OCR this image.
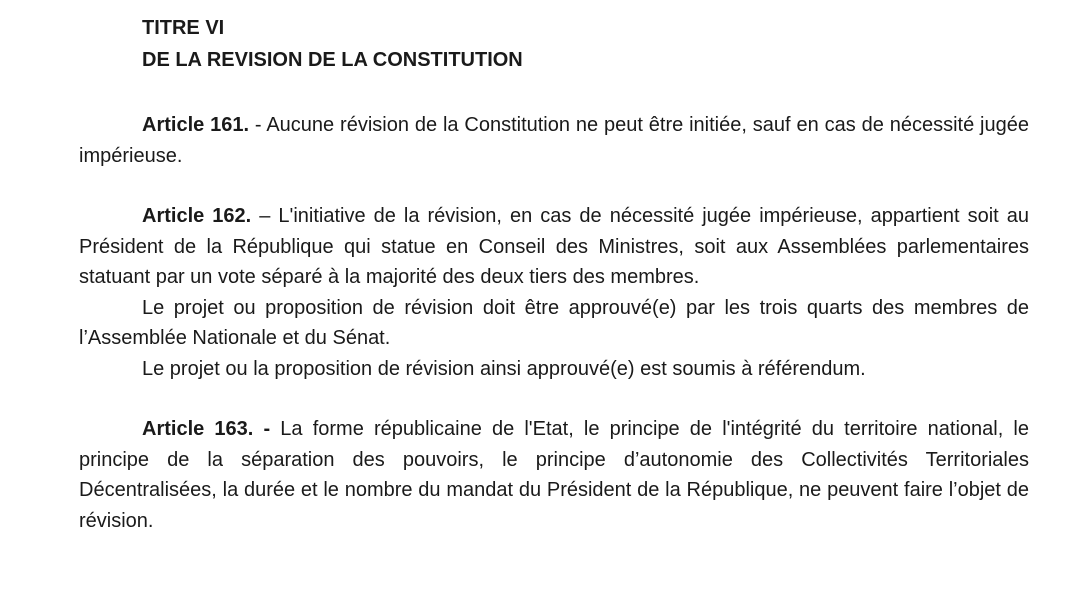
TITRE VI
DE LA REVISION DE LA CONSTITUTION

Article 161. - Aucune révision de la Constitution ne peut être initiée, sauf en cas de nécessité jugée impérieuse.

Article 162. – L'initiative de la révision, en cas de nécessité jugée impérieuse, appartient soit au Président de la République qui statue en Conseil des Ministres, soit aux Assemblées parlementaires statuant par un vote séparé à la majorité des deux tiers des membres.

Le projet ou proposition de révision doit être approuvé(e) par les trois quarts des membres de l’Assemblée Nationale et du Sénat.

Le projet ou la proposition de révision ainsi approuvé(e) est soumis à référendum.

Article 163. - La forme républicaine de l'Etat, le principe de l'intégrité du territoire national, le principe de la séparation des pouvoirs, le principe d’autonomie des Collectivités Territoriales Décentralisées, la durée et le nombre du mandat du Président de la République, ne peuvent faire l’objet de révision.
